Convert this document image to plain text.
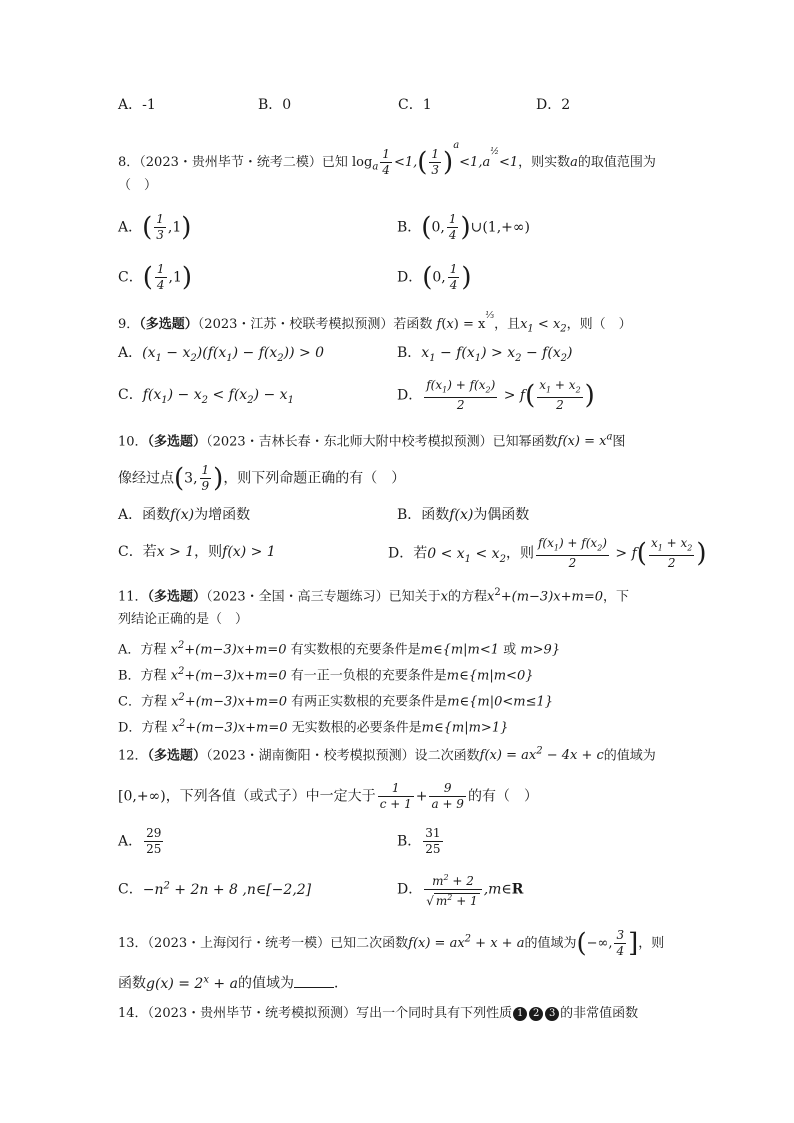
A．-1	B．0	C．1	D．2
8．（2023・贵州毕节・统考二模）已知 $\log_a \frac{1}{4} <1,( \frac{1}{3} )^a<1,a^{\frac{1}{2}}<1$，则实数a的取值范围为
（　）
A．( $\frac{1}{3} ,1$)	B．(0, $\frac{1}{4}$ )∪(1,+∞)
C．( $\frac{1}{4} ,1$)	D．(0, $\frac{1}{4}$ )
9．（多选题）（2023・江苏・校联考模拟预测）若函数 $f(x) = x^{\frac{1}{3}}$，且$x_1 < x_2$，则（　）
A．$(x_1 - x_2)(f(x_1) - f(x_2)) > 0$	B．$x_1 - f(x_1) > x_2 - f(x_2)$
C．$f(x_1) - x_2 < f(x_2) - x_1$	D． $\frac{f(x_1) + f(x_2)}{2} > f( \frac{x_1 + x_2}{2}$ )
10．（多选题）（2023・吉林长春・东北师大附中校考模拟预测）已知幂函数$f(x) = x^a$图
像经过点(3, $\frac{1}{9}$ )，则下列命题正确的有（　）
A．函数f(x)为增函数	B．函数f(x)为偶函数
C．若x > 1，则f(x) > 1	D．若$0 < x_1 < x_2$，则 $\frac{f(x_1) + f(x_2)}{2} > f( \frac{x_1 + x_2}{2}$ )
11．（多选题）（2023・全国・高三专题练习）已知关于x的方程$x^2+(m-3)x+m=0$，下
列结论正确的是（　）
A．方程 $x^2+(m-3)x+m=0$ 有实数根的充要条件是m∈{m|m<1 或 m>9}
B．方程 $x^2+(m-3)x+m=0$ 有一正一负根的充要条件是m∈{m|m<0}
C．方程 $x^2+(m-3)x+m=0$ 有两正实数根的充要条件是m∈{m|0<m≤1}
D．方程 $x^2+(m-3)x+m=0$ 无实数根的必要条件是m∈{m|m>1}
12．（多选题）（2023・湖南衡阳・校考模拟预测）设二次函数$f(x) = ax^2 - 4x + c$的值域为
[0,+∞)，下列各值（或式子）中一定大于 $\frac{1}{c + 1} + \frac{9}{a + 9}$ 的有（　）
A． $\frac{29}{25}$	B． $\frac{31}{25}$
C．$-n^2 + 2n + 8$ ,n∈[−2,2]	D． $\frac{m^2 + 2}{√ m^2 + 1}$ ,m∈R
13．（2023・上海闵行・统考一模）已知二次函数$f(x) = ax^2 + x + a$的值域为(−∞, $\frac{3}{4}$ ]，则
函数$g(x) = 2^x + a$的值域为	．
14．（2023・贵州毕节・统考模拟预测）写出一个同时具有下列性质 1 2 3 的非常值函数
